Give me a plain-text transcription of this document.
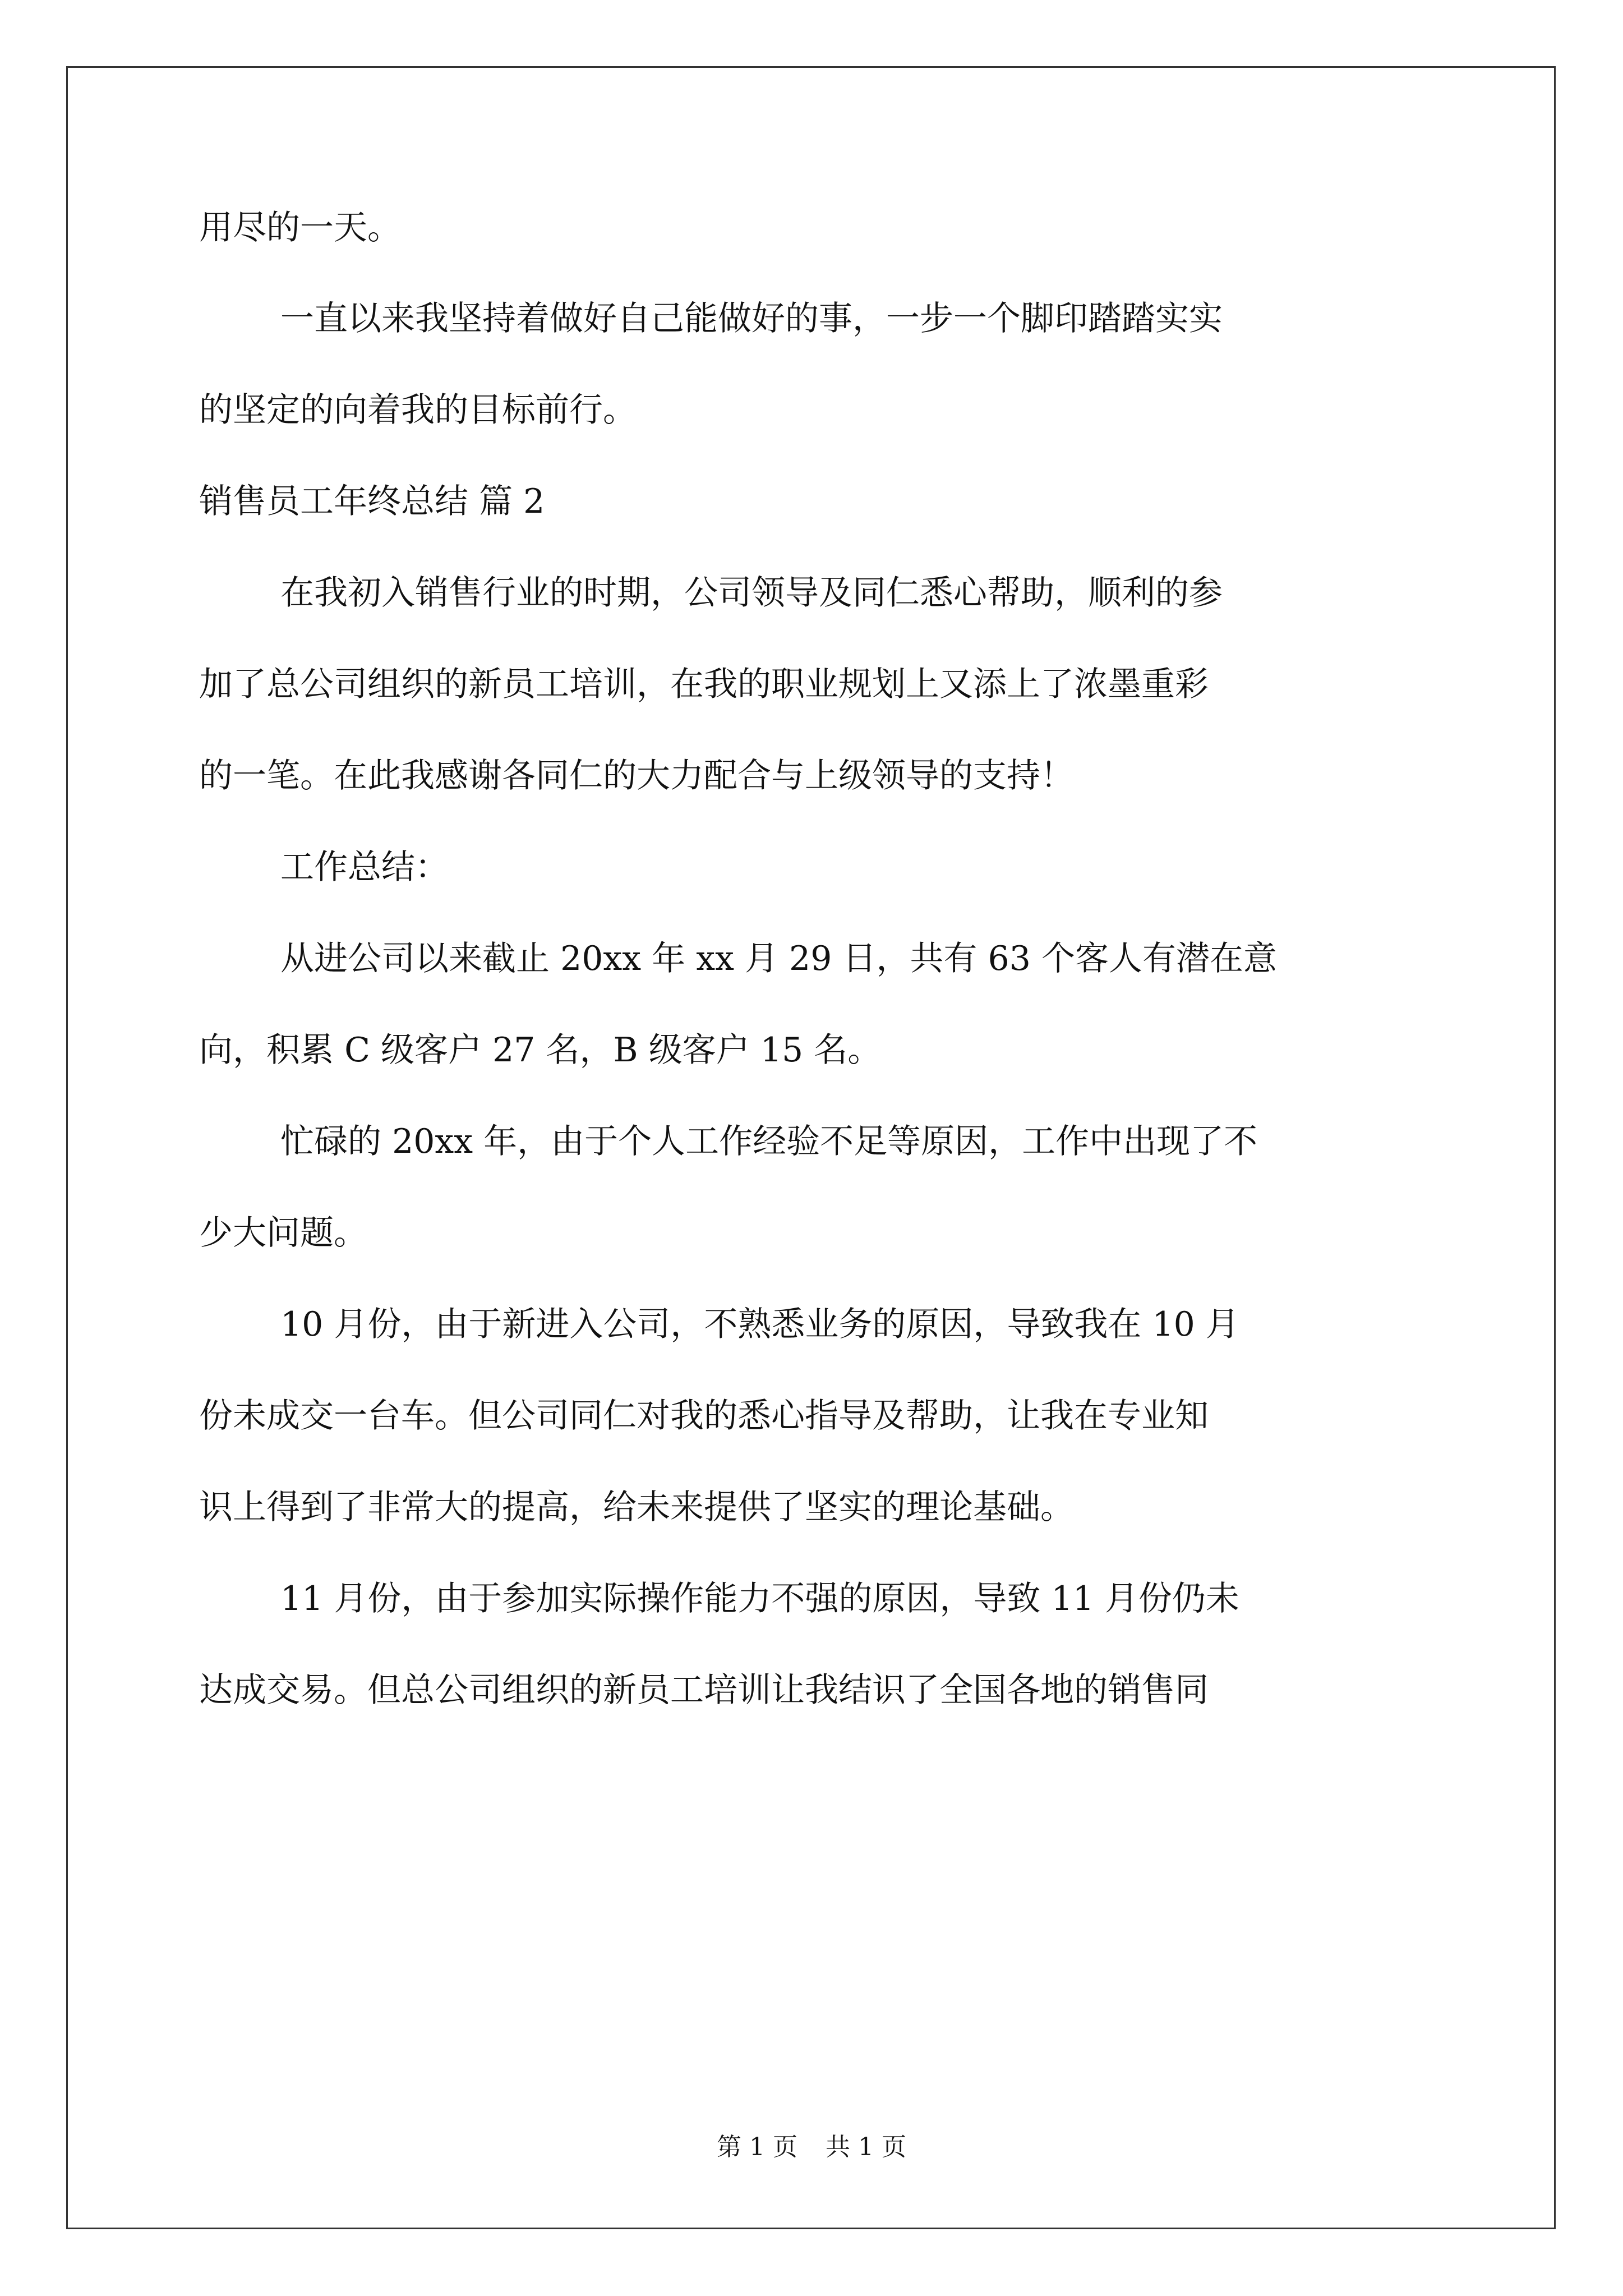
用尽的一天。

一直以来我坚持着做好自己能做好的事，一步一个脚印踏踏实实

的坚定的向着我的目标前行。

销售员工年终总结 篇 2

在我初入销售行业的时期，公司领导及同仁悉心帮助，顺利的参

加了总公司组织的新员工培训，在我的职业规划上又添上了浓墨重彩

的一笔。在此我感谢各同仁的大力配合与上级领导的支持！

工作总结：

从进公司以来截止 20xx 年 xx 月 29 日，共有 63 个客人有潜在意

向，积累 C 级客户 27 名，B 级客户 15 名。

忙碌的 20xx 年，由于个人工作经验不足等原因，工作中出现了不

少大问题。

10 月份，由于新进入公司，不熟悉业务的原因，导致我在 10 月

份未成交一台车。但公司同仁对我的悉心指导及帮助，让我在专业知

识上得到了非常大的提高，给未来提供了坚实的理论基础。

11 月份，由于参加实际操作能力不强的原因，导致 11 月份仍未

达成交易。但总公司组织的新员工培训让我结识了全国各地的销售同

第 1 页 共 1 页
